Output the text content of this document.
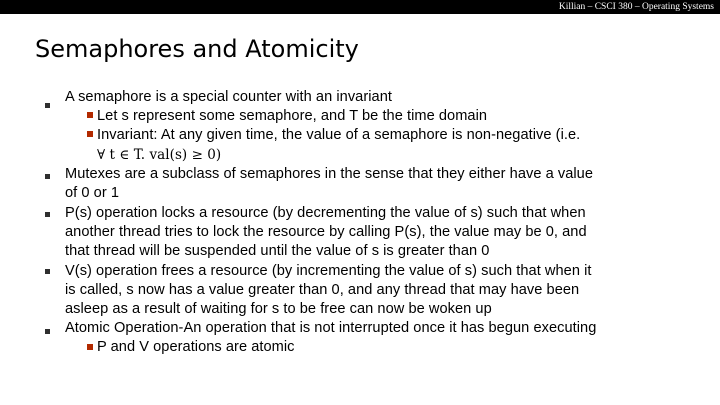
Killian – CSCI 380 – Operating Systems
Semaphores and Atomicity
A semaphore is a special counter with an invariant
Let s represent some semaphore, and T be the time domain
Invariant: At any given time, the value of a semaphore is non-negative (i.e.
∀ t ∈ T. val(s) ≥ 0)
Mutexes are a subclass of semaphores in the sense that they either have a value
of 0 or 1
P(s) operation locks a resource (by decrementing the value of s) such that when
another thread tries to lock the resource by calling P(s), the value may be 0, and
that thread will be suspended until the value of s is greater than 0
V(s) operation frees a resource (by incrementing the value of s) such that when it
is called, s now has a value greater than 0, and any thread that may have been
asleep as a result of waiting for s to be free can now be woken up
Atomic Operation-An operation that is not interrupted once it has begun executing
P and V operations are atomic
